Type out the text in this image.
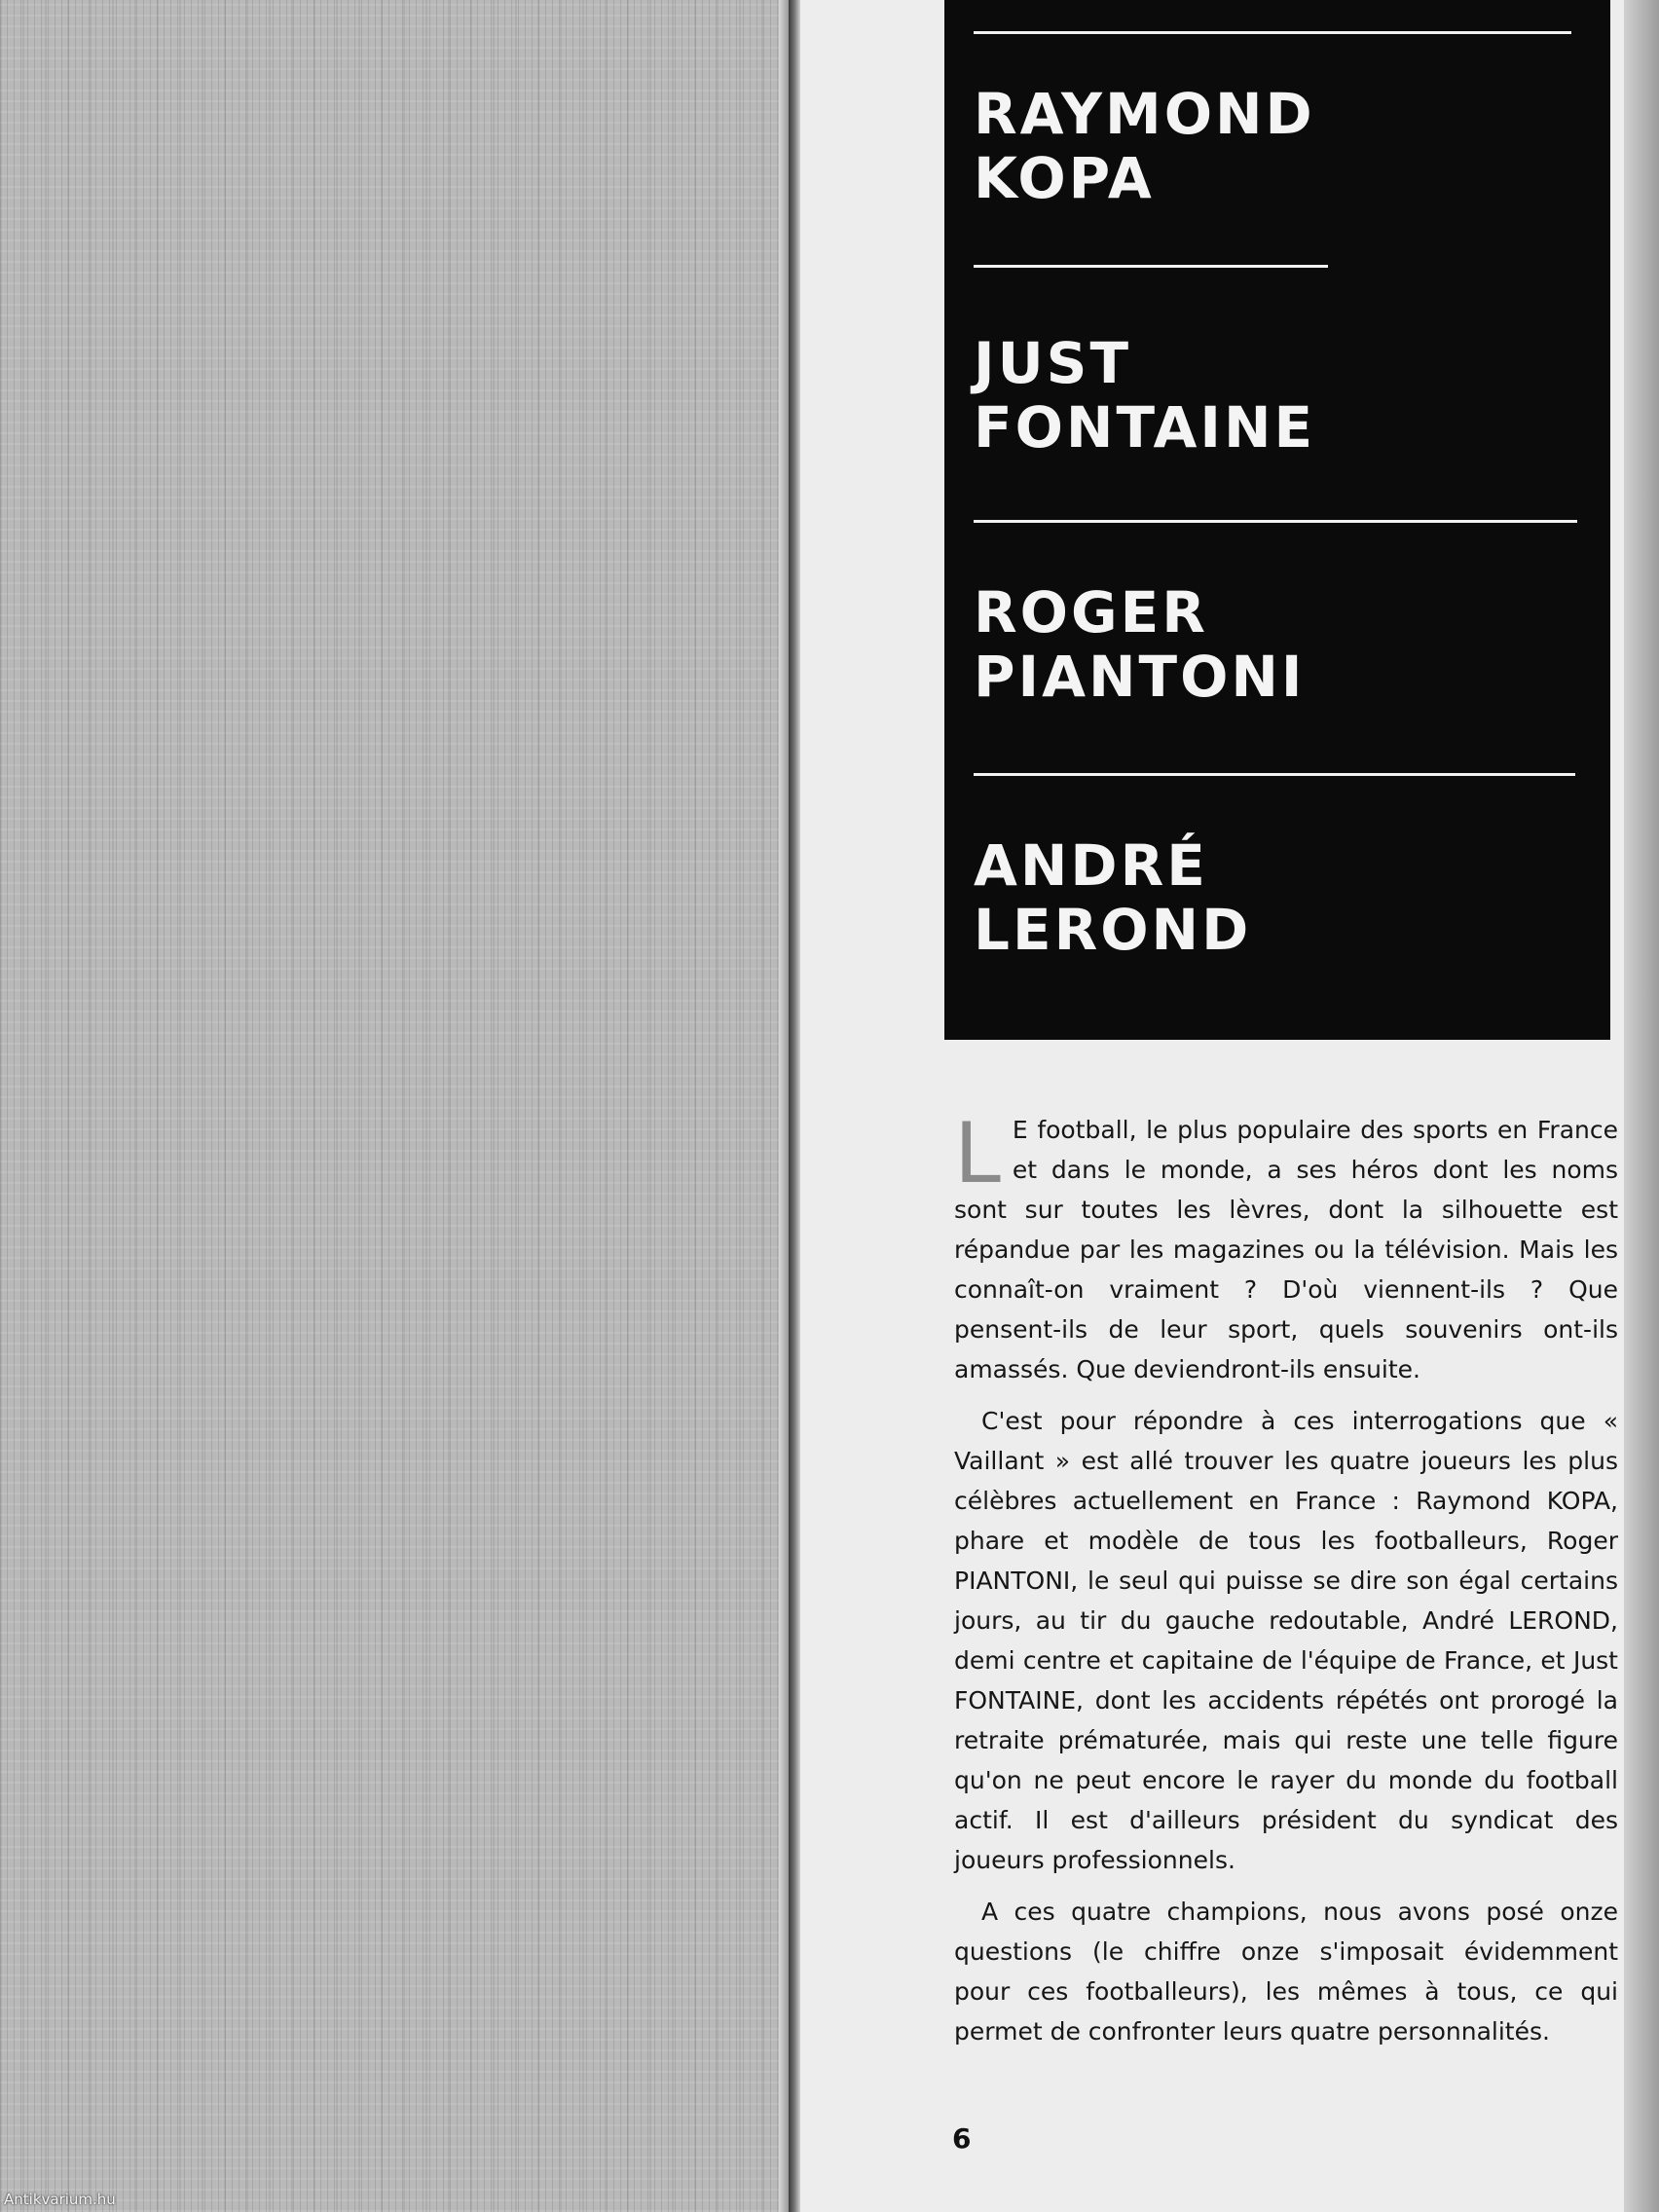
RAYMOND
KOPA
JUST
FONTAINE
ROGER
PIANTONI
ANDRÉ
LEROND

L E football, le plus populaire des sports en France et dans le monde, a ses héros dont les noms sont sur toutes les lèvres, dont la silhouette est répandue par les magazines ou la télévision. Mais les connaît-on vraiment ? D'où viennent-ils ? Que pensent-ils de leur sport, quels souvenirs ont-ils amassés. Que deviendront-ils ensuite.

C'est pour répondre à ces interrogations que « Vaillant » est allé trouver les quatre joueurs les plus célèbres actuellement en France : Raymond KOPA, phare et modèle de tous les footballeurs, Roger PIANTONI, le seul qui puisse se dire son égal certains jours, au tir du gauche redoutable, André LEROND, demi centre et capitaine de l'équipe de France, et Just FONTAINE, dont les accidents répétés ont prorogé la retraite prématurée, mais qui reste une telle figure qu'on ne peut encore le rayer du monde du football actif. Il est d'ailleurs président du syndicat des joueurs professionnels.

A ces quatre champions, nous avons posé onze questions (le chiffre onze s'imposait évidemment pour ces footballeurs), les mêmes à tous, ce qui permet de confronter leurs quatre personnalités.

6

Antikvarium.hu
